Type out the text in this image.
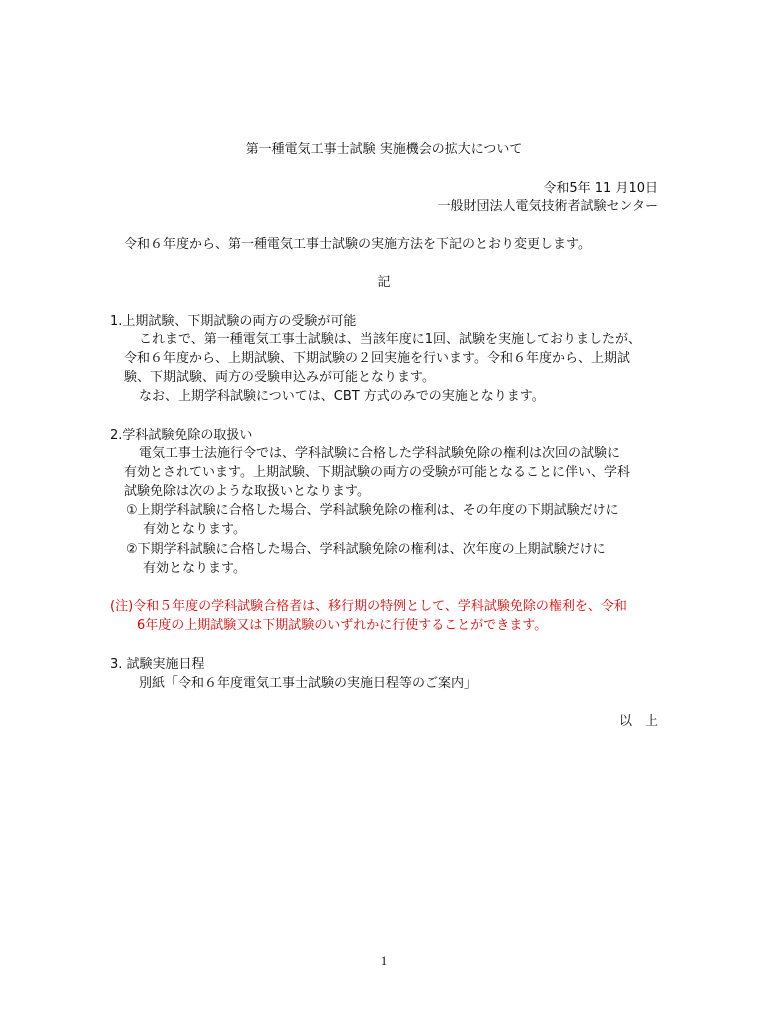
第一種電気工事士試験 実施機会の拡大について
令和5年 11 月10日
一般財団法人電気技術者試験センター
令和６年度から、第一種電気工事士試験の実施方法を下記のとおり変更します。
記
1.上期試験、下期試験の両方の受験が可能
これまで、第一種電気工事士試験は、当該年度に1回、試験を実施しておりましたが、
令和６年度から、上期試験、下期試験の２回実施を行います。令和６年度から、上期試
験、下期試験、両方の受験申込みが可能となります。
なお、上期学科試験については、CBT 方式のみでの実施となります。
2.学科試験免除の取扱い
電気工事士法施行令では、学科試験に合格した学科試験免除の権利は次回の試験に
有効とされています。上期試験、下期試験の両方の受験が可能となることに伴い、学科
試験免除は次のような取扱いとなります。
①上期学科試験に合格した場合、学科試験免除の権利は、その年度の下期試験だけに
有効となります。
②下期学科試験に合格した場合、学科試験免除の権利は、次年度の上期試験だけに
有効となります。
(注)令和５年度の学科試験合格者は、移行期の特例として、学科試験免除の権利を、令和
6年度の上期試験又は下期試験のいずれかに行使することができます。
3. 試験実施日程
別紙「令和６年度電気工事士試験の実施日程等のご案内」
以　上
1
